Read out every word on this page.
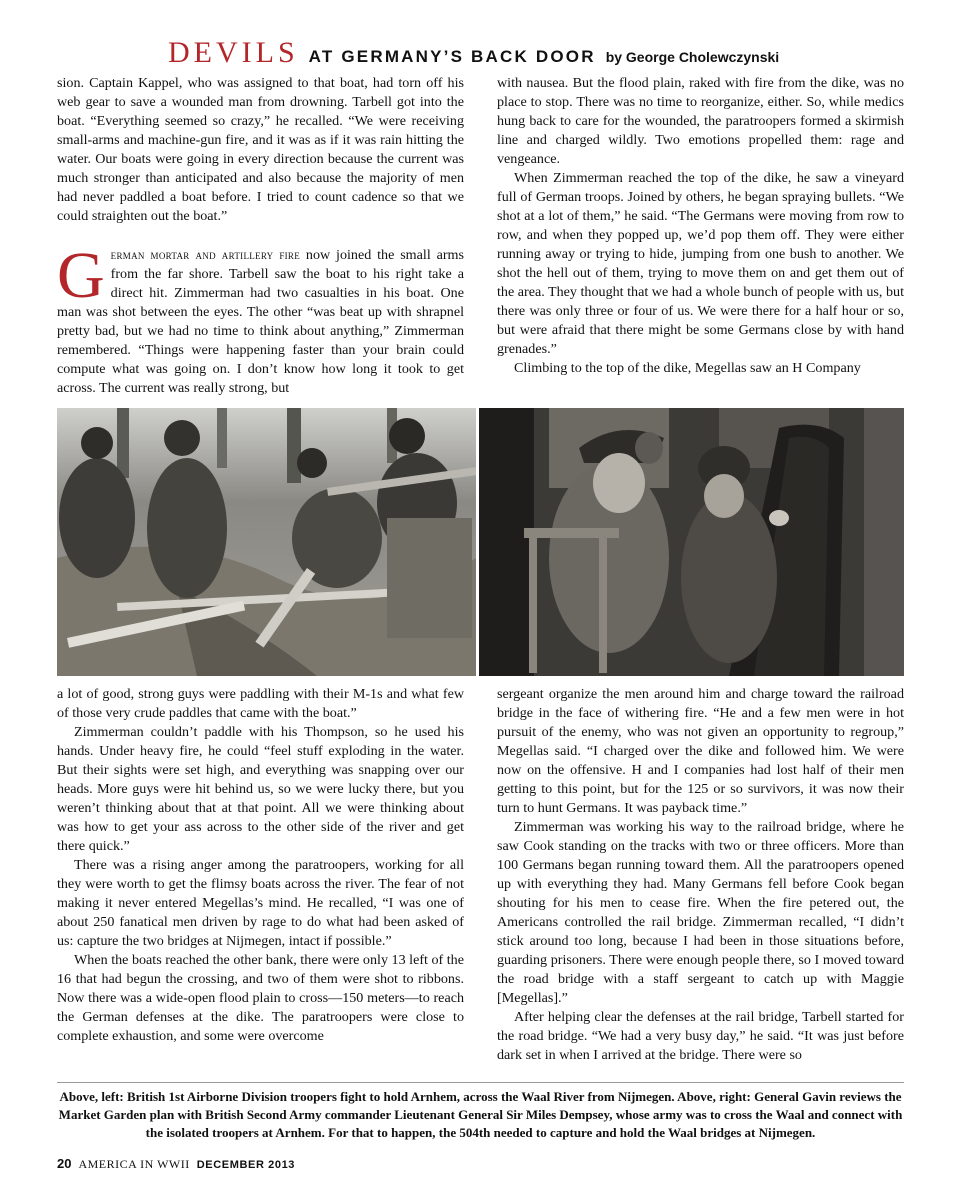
DEVILS AT GERMANY’S BACK DOOR by George Cholewczynski

sion. Captain Kappel, who was assigned to that boat, had torn off his web gear to save a wounded man from drowning. Tarbell got into the boat. “Everything seemed so crazy,” he recalled. “We were receiving small-arms and machine-gun fire, and it was as if it was rain hitting the water. Our boats were going in every direction because the current was much stronger than anticipated and also because the majority of men had never paddled a boat before. I tried to count cadence so that we could straighten out the boat.”

German mortar and artillery fire now joined the small arms from the far shore. Tarbell saw the boat to his right take a direct hit. Zimmerman had two casualties in his boat. One man was shot between the eyes. The other “was beat up with shrapnel pretty bad, but we had no time to think about anything,” Zimmerman remembered. “Things were happening faster than your brain could compute what was going on. I don’t know how long it took to get across. The current was really strong, but

with nausea. But the flood plain, raked with fire from the dike, was no place to stop. There was no time to reorganize, either. So, while medics hung back to care for the wounded, the paratroopers formed a skirmish line and charged wildly. Two emotions propelled them: rage and vengeance.

When Zimmerman reached the top of the dike, he saw a vineyard full of German troops. Joined by others, he began spraying bullets. “We shot at a lot of them,” he said. “The Germans were moving from row to row, and when they popped up, we’d pop them off. They were either running away or trying to hide, jumping from one bush to another. We shot the hell out of them, trying to move them on and get them out of the area. They thought that we had a whole bunch of people with us, but there was only three or four of us. We were there for a half hour or so, but were afraid that there might be some Germans close by with hand grenades.”

Climbing to the top of the dike, Megellas saw an H Company

a lot of good, strong guys were paddling with their M-1s and what few of those very crude paddles that came with the boat.”

Zimmerman couldn’t paddle with his Thompson, so he used his hands. Under heavy fire, he could “feel stuff exploding in the water. But their sights were set high, and everything was snapping over our heads. More guys were hit behind us, so we were lucky there, but you weren’t thinking about that at that point. All we were thinking about was how to get your ass across to the other side of the river and get there quick.”

There was a rising anger among the paratroopers, working for all they were worth to get the flimsy boats across the river. The fear of not making it never entered Megellas’s mind. He recalled, “I was one of about 250 fanatical men driven by rage to do what had been asked of us: capture the two bridges at Nijmegen, intact if possible.”

When the boats reached the other bank, there were only 13 left of the 16 that had begun the crossing, and two of them were shot to ribbons. Now there was a wide-open flood plain to cross—150 meters—to reach the German defenses at the dike. The paratroopers were close to complete exhaustion, and some were overcome

sergeant organize the men around him and charge toward the railroad bridge in the face of withering fire. “He and a few men were in hot pursuit of the enemy, who was not given an opportunity to regroup,” Megellas said. “I charged over the dike and followed him. We were now on the offensive. H and I companies had lost half of their men getting to this point, but for the 125 or so survivors, it was now their turn to hunt Germans. It was payback time.”

Zimmerman was working his way to the railroad bridge, where he saw Cook standing on the tracks with two or three officers. More than 100 Germans began running toward them. All the paratroopers opened up with everything they had. Many Germans fell before Cook began shouting for his men to cease fire. When the fire petered out, the Americans controlled the rail bridge. Zimmerman recalled, “I didn’t stick around too long, because I had been in those situations before, guarding prisoners. There were enough people there, so I moved toward the road bridge with a staff sergeant to catch up with Maggie [Megellas].”

After helping clear the defenses at the rail bridge, Tarbell started for the road bridge. “We had a very busy day,” he said. “It was just before dark set in when I arrived at the bridge. There were so

Above, left: British 1st Airborne Division troopers fight to hold Arnhem, across the Waal River from Nijmegen. Above, right: General Gavin reviews the Market Garden plan with British Second Army commander Lieutenant General Sir Miles Dempsey, whose army was to cross the Waal and connect with the isolated troopers at Arnhem. For that to happen, the 504th needed to capture and hold the Waal bridges at Nijmegen.
20 AMERICA IN WWII DECEMBER 2013
